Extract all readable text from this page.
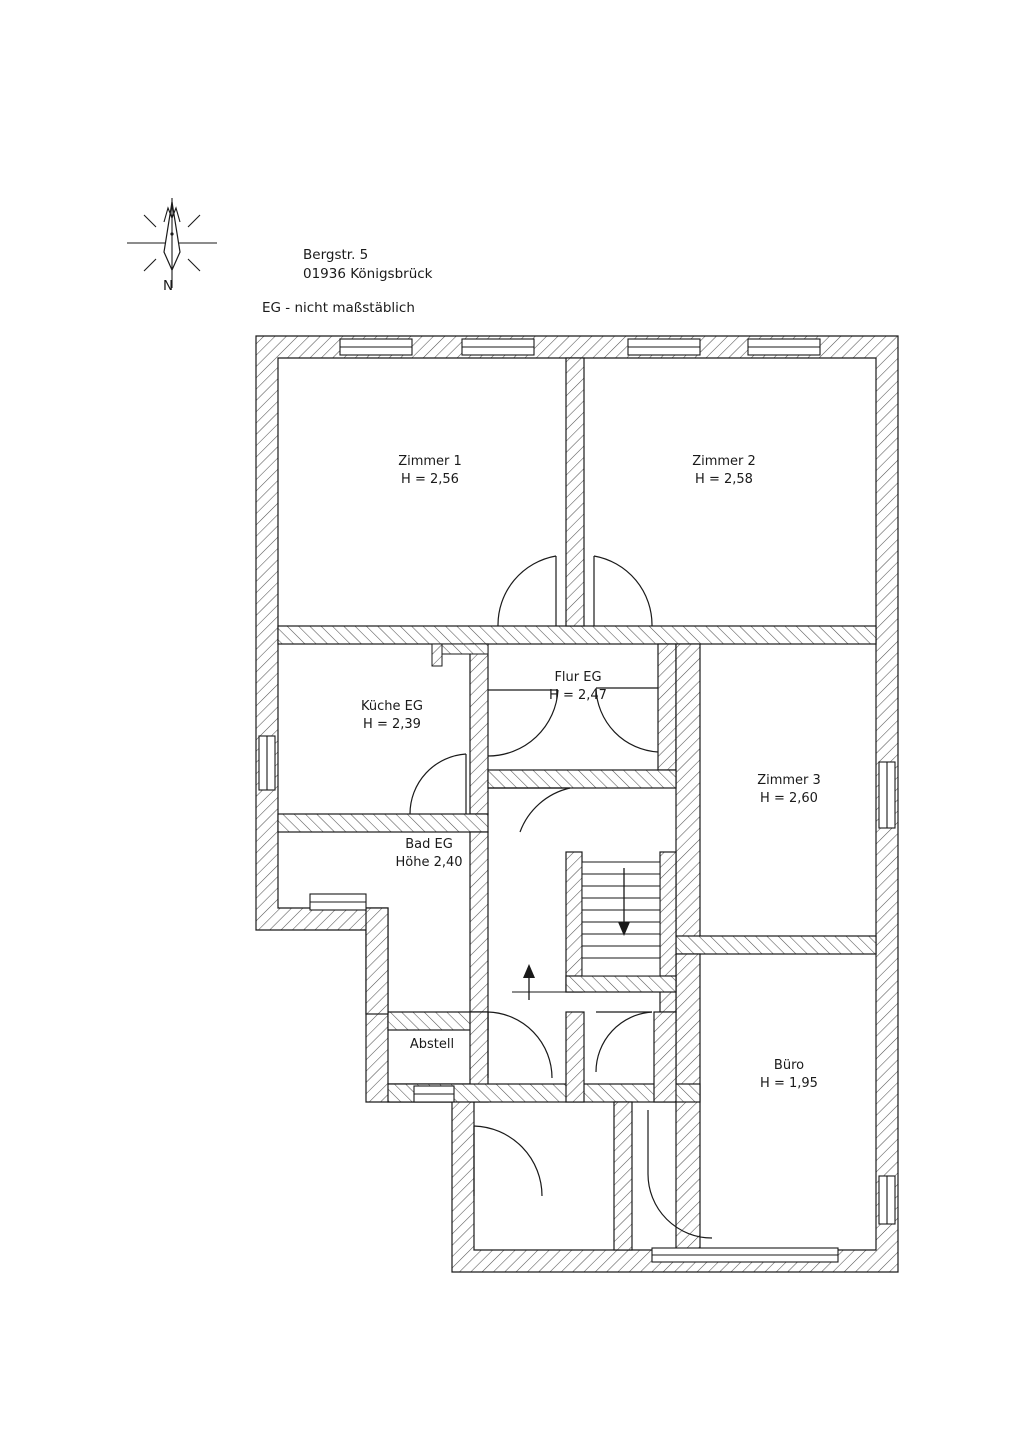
N
Bergstr. 5
01936 Königsbrück
EG - nicht maßstäblich
Zimmer 1
H = 2,56
Zimmer 2
H = 2,58
Küche EG
H = 2,39
Flur EG
H = 2,47
Zimmer 3
H = 2,60
Bad EG
Höhe 2,40
Abstell
Büro
H = 1,95
